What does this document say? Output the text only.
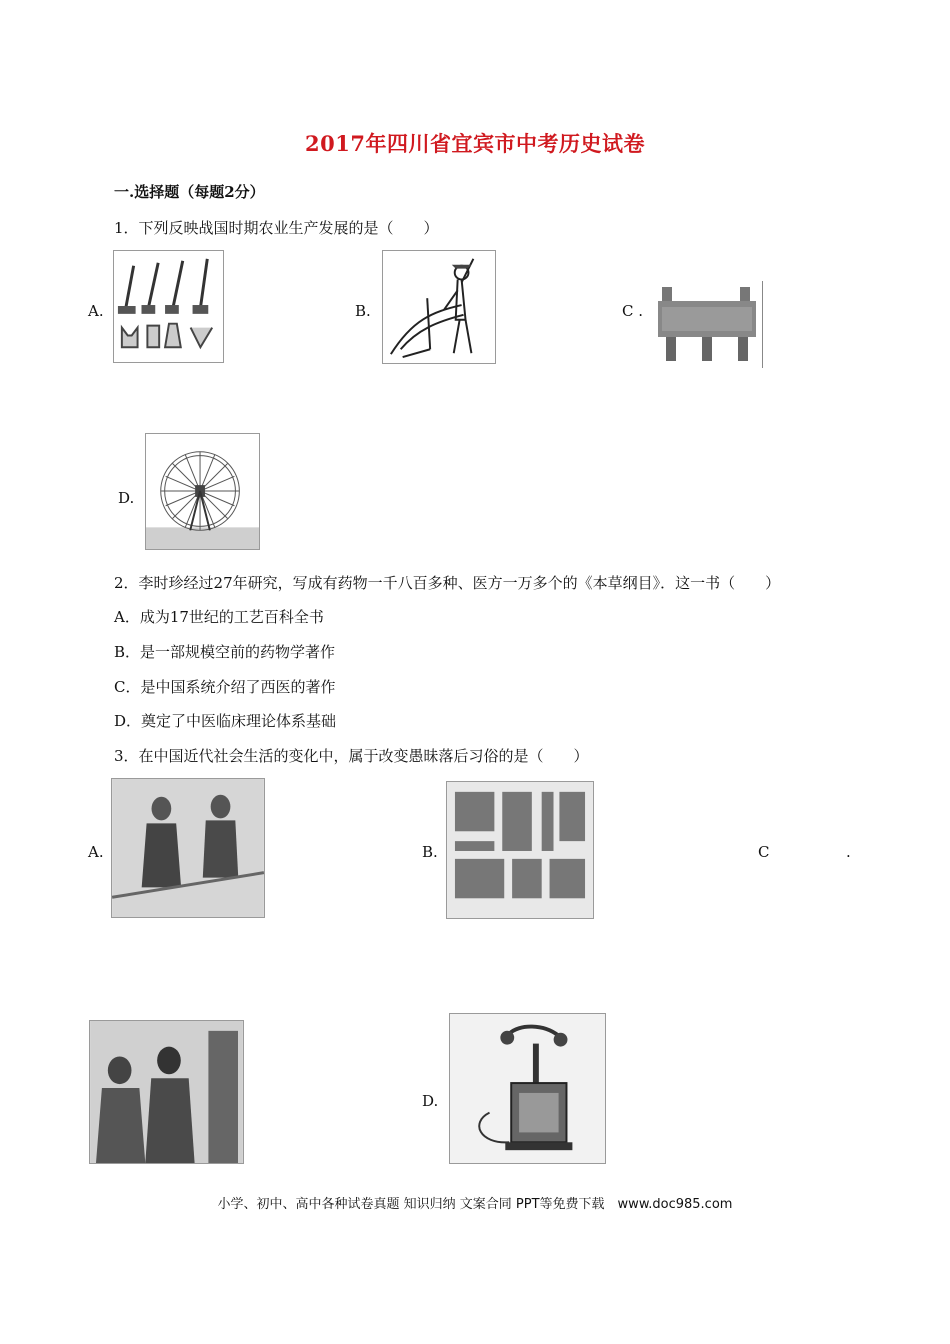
2017年四川省宜宾市中考历史试卷
一.选择题（每题2分）
1．下列反映战国时期农业生产发展的是（　　）
A.	B.	C .
D.
2．李时珍经过27年研究，写成有药物一千八百多种、医方一万多个的《本草纲目》．这一书（　　）
A．成为17世纪的工艺百科全书
B．是一部规模空前的药物学著作
C．是中国系统介绍了西医的著作
D．奠定了中医临床理论体系基础
3．在中国近代社会生活的变化中，属于改变愚昧落后习俗的是（　　）
A.	B.	C	.
D.
小学、初中、高中各种试卷真题 知识归纳 文案合同 PPT等免费下载　www.doc985.com
